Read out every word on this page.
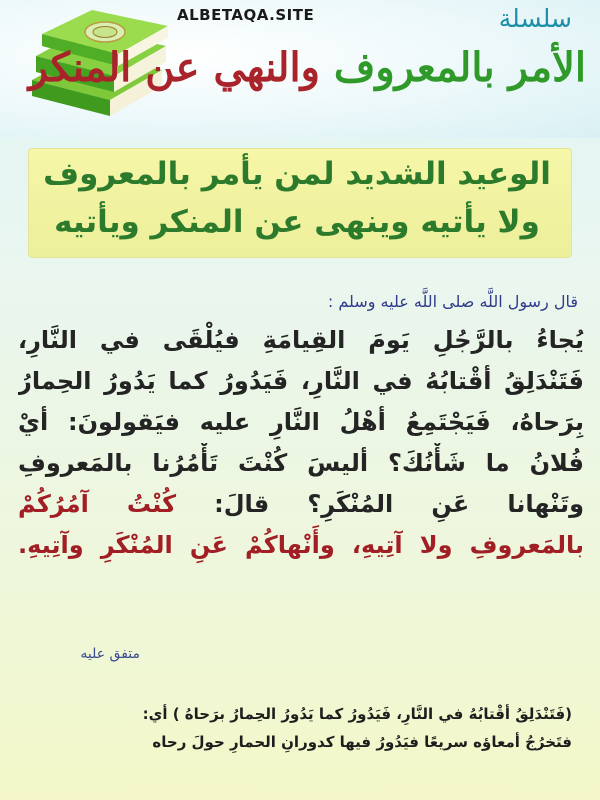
ALBETAQA.SITE	سلسلة
الأمر بالمعروف والنهي عن المنكر
الوعيد الشديد لمن يأمر بالمعروف
ولا يأتيه وينهى عن المنكر ويأتيه
قال رسول اللَّه صلى اللَّه عليه وسلم :
يُجاءُ بالرَّجُلِ يَومَ القِيامَةِ فيُلْقَى في النَّارِ،
فَتَنْدَلِقُ أقْتابُهُ في النَّارِ، فَيَدُورُ كما يَدُورُ الحِمارُ
بِرَحاهُ، فَيَجْتَمِعُ أهْلُ النَّارِ عليه فيَقولونَ: أيْ
فُلانُ ما شَأْنُكَ؟ أليسَ كُنْتَ تَأْمُرُنا بالمَعروفِ
وتَنْهانا عَنِ المُنْكَرِ؟ قالَ: كُنْتُ آمُرُكُمْ
بالمَعروفِ ولا آتِيهِ، وأَنْهاكُمْ عَنِ المُنْكَرِ وآتِيهِ.
متفق عليه
(فَتَنْدَلِقُ أقْتابُهُ في النَّارِ، فَيَدُورُ كما يَدُورُ الحِمارُ برَحاهُ ) أي:
فتَخرُجُ أمعاؤه سريعًا فيَدُورُ فيها كدورانِ الحمارِ حولَ رحاه
